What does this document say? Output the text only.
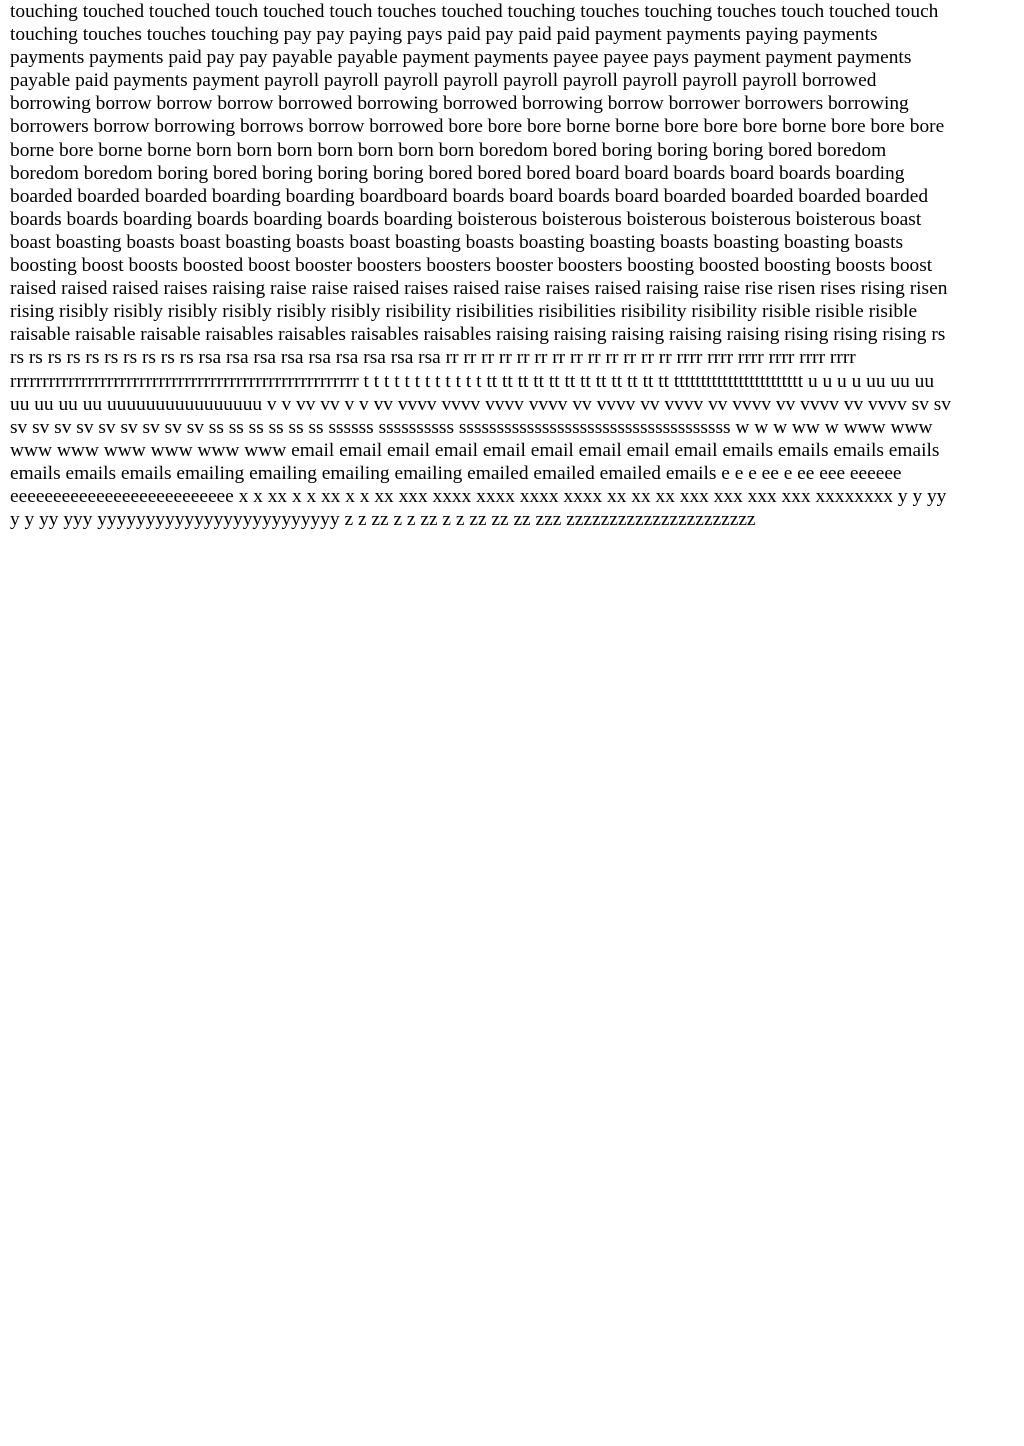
touching touched touched touch touched touch touches touched touching touches touching touches touch touched touch
touching touches touches touching pay pay paying pays paid pay paid paid payment payments paying payments
payments payments paid pay pay payable payable payment payments payee payee pays payment payment payments
payable paid payments payment payroll payroll payroll payroll payroll payroll payroll payroll payroll borrowed
borrowing borrow borrow borrow borrowed borrowing borrowed borrowing borrow borrower borrowers borrowing
borrowers borrow borrowing borrows borrow borrowed bore bore bore borne borne bore bore bore borne bore bore bore
borne bore borne borne born born born born born born born boredom bored boring boring boring bored boredom
boredom boredom boring bored boring boring boring bored bored bored board board boards board boards boarding
boarded boarded boarded boarding boarding boardboard boards board boards board boarded boarded boarded boarded
boards boards boarding boards boarding boards boarding boisterous boisterous boisterous boisterous boisterous boast
boast boasting boasts boast boasting boasts boast boasting boasts boasting boasting boasts boasting boasting boasts
boosting boost boosts boosted boost booster boosters boosters booster boosters boosting boosted boosting boosts boost
raised raised raised raises raising raise raise raised raises raised raise raises raised raising raise rise risen rises rising risen
rising risibly risibly risibly risibly risibly risibly risibility risibilities risibilities risibility risibility risible risible risible
raisable raisable raisable raisables raisables raisables raisables raising raising raising raising raising rising rising rising rs
rs rs rs rs rs rs rs rs rs rs rsa rsa rsa rsa rsa rsa rsa rsa rsa rr rr rr rr rr rr rr rr rr rr rr rr rr rrrr rrrr rrrr rrrr rrrr rrrr
rrrrrrrrrrrrrrrrrrrrrrrrrrrrrrrrrrrrrrrrrrrrrrrrrrrrrr t t t t t t t t t t t t tt tt tt tt tt tt tt tt tt tt tt tt tttttttttttttttttttttttt u u u u uu uu uu
uu uu uu uu uuuuuuuuuuuuuuuu v v vv vv v v vv vvvv vvvv vvvv vvvv vv vvvv vv vvvv vv vvvv vv vvvv vv vvvv sv sv
sv sv sv sv sv sv sv sv sv ss ss ss ss ss ss ssssss ssssssssss ssssssssssssssssssssssssssssssssssss w w w ww w www www
www www www www www www email email email email email email email email email emails emails emails emails
emails emails emails emailing emailing emailing emailing emailed emailed emailed emails e e e ee e ee eee eeeeee
eeeeeeeeeeeeeeeeeeeeeeeeee x x xx x x xx x x xx xxx xxxx xxxx xxxx xxxx xx xx xx xxx xxx xxx xxx xxxxxxxx y y yy
y y yy yyy yyyyyyyyyyyyyyyyyyyyyyyyy z z zz z z zz z z zz zz zz zzz zzzzzzzzzzzzzzzzzzzzzz
